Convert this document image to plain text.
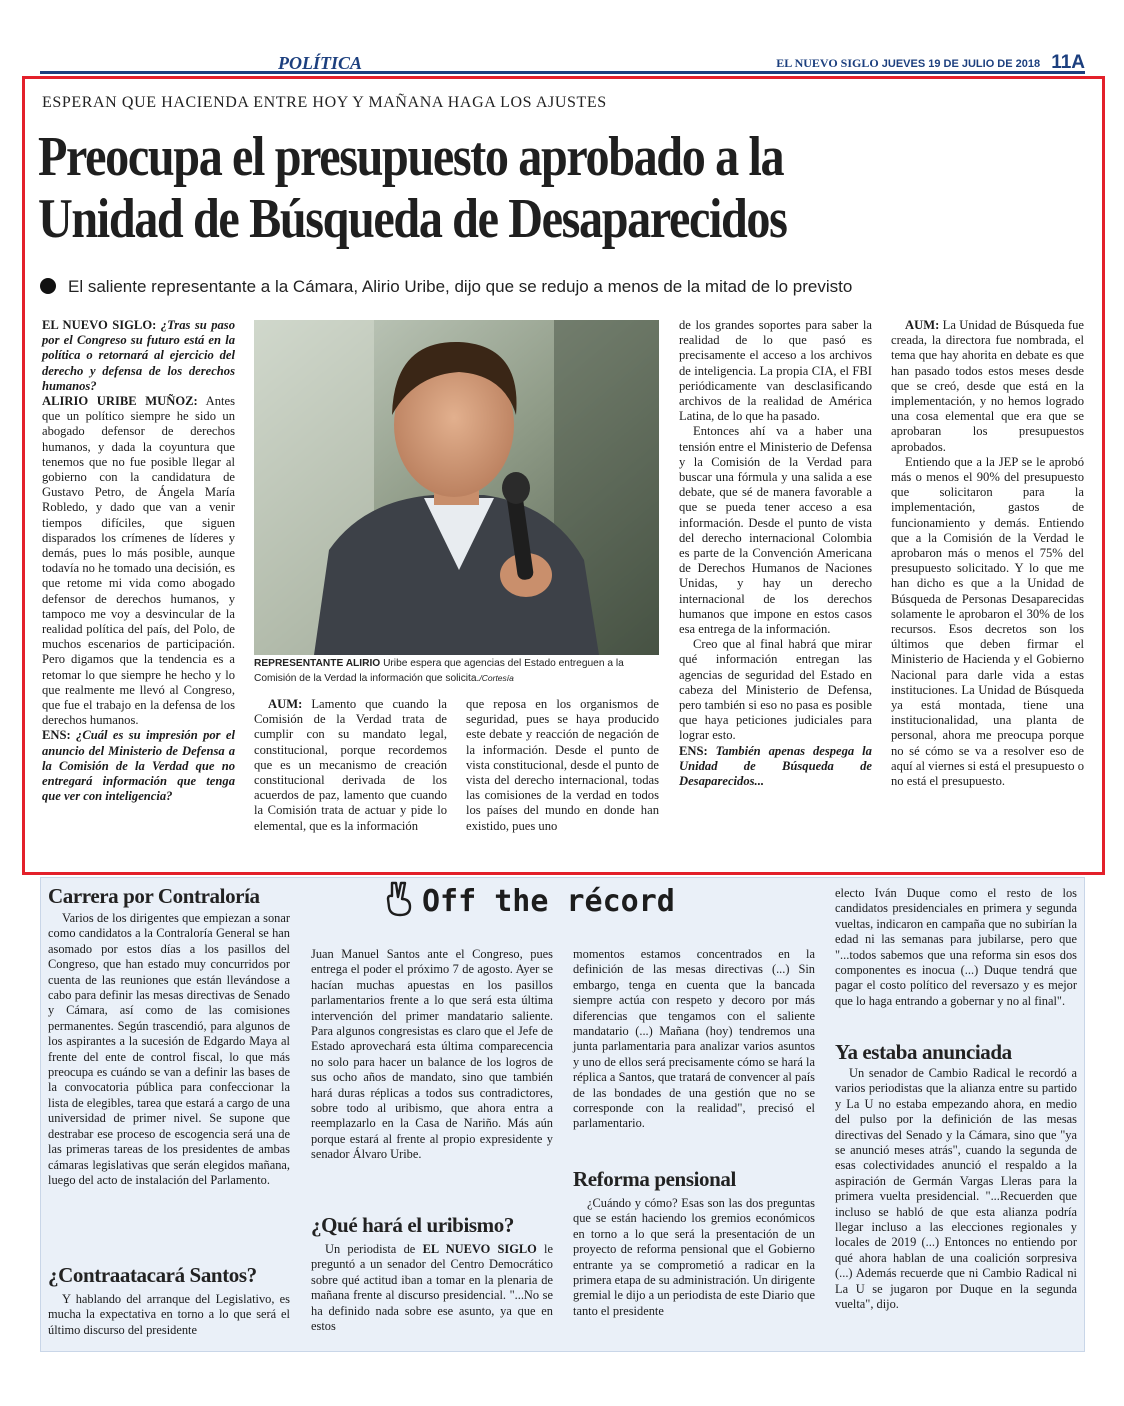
POLÍTICA	EL NUEVO SIGLO JUEVES 19 DE JULIO DE 2018 11A
ESPERAN QUE HACIENDA ENTRE HOY Y MAÑANA HAGA LOS AJUSTES
Preocupa el presupuesto aprobado a la
Unidad de Búsqueda de Desaparecidos
El saliente representante a la Cámara, Alirio Uribe, dijo que se redujo a menos de la mitad de lo previsto

EL NUEVO SIGLO: ¿Tras su paso por el Congreso su futuro está en la política o retornará al ejercicio del derecho y defensa de los derechos humanos?

ALIRIO URIBE MUÑOZ: Antes que un político siempre he sido un abogado defensor de derechos humanos, y dada la coyuntura que tenemos que no fue posible llegar al gobierno con la candidatura de Gustavo Petro, de Ángela María Robledo, y dado que van a venir tiempos difíciles, que siguen disparados los crímenes de líderes y demás, pues lo más posible, aunque todavía no he tomado una decisión, es que retome mi vida como abogado defensor de derechos humanos, y tampoco me voy a desvincular de la realidad política del país, del Polo, de muchos escenarios de participación. Pero digamos que la tendencia es a retomar lo que siempre he hecho y lo que realmente me llevó al Congreso, que fue el trabajo en la defensa de los derechos humanos.

ENS: ¿Cuál es su impresión por el anuncio del Ministerio de Defensa a la Comisión de la Verdad que no entregará información que tenga que ver con inteligencia?

REPRESENTANTE ALIRIO Uribe espera que agencias del Estado entreguen a la Comisión de la Verdad la información que solicita./Cortesía

AUM: Lamento que cuando la Comisión de la Verdad trata de cumplir con su mandato legal, constitucional, porque recordemos que es un mecanismo de creación constitucional derivada de los acuerdos de paz, lamento que cuando la Comisión trata de actuar y pide lo elemental, que es la información

que reposa en los organismos de seguridad, pues se haya producido este debate y reacción de negación de la información. Desde el punto de vista constitucional, desde el punto de vista del derecho internacional, todas las comisiones de la verdad en todos los países del mundo en donde han existido, pues uno

de los grandes soportes para saber la realidad de lo que pasó es precisamente el acceso a los archivos de inteligencia. La propia CIA, el FBI periódicamente van desclasificando archivos de la realidad de América Latina, de lo que ha pasado.

Entonces ahí va a haber una tensión entre el Ministerio de Defensa y la Comisión de la Verdad para buscar una fórmula y una salida a ese debate, que sé de manera favorable a que se pueda tener acceso a esa información. Desde el punto de vista del derecho internacional Colombia es parte de la Convención Americana de Derechos Humanos de Naciones Unidas, y hay un derecho internacional de los derechos humanos que impone en estos casos esa entrega de la información.

Creo que al final habrá que mirar qué información entregan las agencias de seguridad del Estado en cabeza del Ministerio de Defensa, pero también si eso no pasa es posible que haya peticiones judiciales para lograr esto.

ENS: También apenas despega la Unidad de Búsqueda de Desaparecidos...

AUM: La Unidad de Búsqueda fue creada, la directora fue nombrada, el tema que hay ahorita en debate es que han pasado todos estos meses desde que se creó, desde que está en la implementación, y no hemos logrado una cosa elemental que era que se aprobaran los presupuestos aprobados.

Entiendo que a la JEP se le aprobó más o menos el 90% del presupuesto que solicitaron para la implementación, gastos de funcionamiento y demás. Entiendo que a la Comisión de la Verdad le aprobaron más o menos el 75% del presupuesto solicitado. Y lo que me han dicho es que a la Unidad de Búsqueda de Personas Desaparecidas solamente le aprobaron el 30% de los recursos. Esos decretos son los últimos que deben firmar el Ministerio de Hacienda y el Gobierno Nacional para darle vida a estas instituciones. La Unidad de Búsqueda ya está montada, tiene una institucionalidad, una planta de personal, ahora me preocupa porque no sé cómo se va a resolver eso de aquí al viernes si está el presupuesto o no está el presupuesto.

Off the récord
Carrera por Contraloría

Varios de los dirigentes que empiezan a sonar como candidatos a la Contraloría General se han asomado por estos días a los pasillos del Congreso, que han estado muy concurridos por cuenta de las reuniones que están llevándose a cabo para definir las mesas directivas de Senado y Cámara, así como de las comisiones permanentes. Según trascendió, para algunos de los aspirantes a la sucesión de Edgardo Maya al frente del ente de control fiscal, lo que más preocupa es cuándo se van a definir las bases de la convocatoria pública para confeccionar la lista de elegibles, tarea que estará a cargo de una universidad de primer nivel. Se supone que destrabar ese proceso de escogencia será una de las primeras tareas de los presidentes de ambas cámaras legislativas que serán elegidos mañana, luego del acto de instalación del Parlamento.

¿Contraatacará Santos?

Y hablando del arranque del Legislativo, es mucha la expectativa en torno a lo que será el último discurso del presidente

Juan Manuel Santos ante el Congreso, pues entrega el poder el próximo 7 de agosto. Ayer se hacían muchas apuestas en los pasillos parlamentarios frente a lo que será esta última intervención del primer mandatario saliente. Para algunos congresistas es claro que el Jefe de Estado aprovechará esta última comparecencia no solo para hacer un balance de los logros de sus ocho años de mandato, sino que también hará duras réplicas a todos sus contradictores, sobre todo al uribismo, que ahora entra a reemplazarlo en la Casa de Nariño. Más aún porque estará al frente al propio expresidente y senador Álvaro Uribe.

¿Qué hará el uribismo?

Un periodista de EL NUEVO SIGLO le preguntó a un senador del Centro Democrático sobre qué actitud iban a tomar en la plenaria de mañana frente al discurso presidencial. "...No se ha definido nada sobre ese asunto, ya que en estos

momentos estamos concentrados en la definición de las mesas directivas (...) Sin embargo, tenga en cuenta que la bancada siempre actúa con respeto y decoro por más diferencias que tengamos con el saliente mandatario (...) Mañana (hoy) tendremos una junta parlamentaria para analizar varios asuntos y uno de ellos será precisamente cómo se hará la réplica a Santos, que tratará de convencer al país de las bondades de una gestión que no se corresponde con la realidad", precisó el parlamentario.

Reforma pensional

¿Cuándo y cómo? Esas son las dos preguntas que se están haciendo los gremios económicos en torno a lo que será la presentación de un proyecto de reforma pensional que el Gobierno entrante ya se comprometió a radicar en la primera etapa de su administración. Un dirigente gremial le dijo a un periodista de este Diario que tanto el presidente

electo Iván Duque como el resto de los candidatos presidenciales en primera y segunda vueltas, indicaron en campaña que no subirían la edad ni las semanas para jubilarse, pero que "...todos sabemos que una reforma sin esos dos componentes es inocua (...) Duque tendrá que pagar el costo político del reversazo y es mejor que lo haga entrando a gobernar y no al final".

Ya estaba anunciada

Un senador de Cambio Radical le recordó a varios periodistas que la alianza entre su partido y La U no estaba empezando ahora, en medio del pulso por la definición de las mesas directivas del Senado y la Cámara, sino que "ya se anunció meses atrás", cuando la segunda de esas colectividades anunció el respaldo a la aspiración de Germán Vargas Lleras para la primera vuelta presidencial. "...Recuerden que incluso se habló de que esta alianza podría llegar incluso a las elecciones regionales y locales de 2019 (...) Entonces no entiendo por qué ahora hablan de una coalición sorpresiva (...) Además recuerde que ni Cambio Radical ni La U se jugaron por Duque en la segunda vuelta", dijo.
